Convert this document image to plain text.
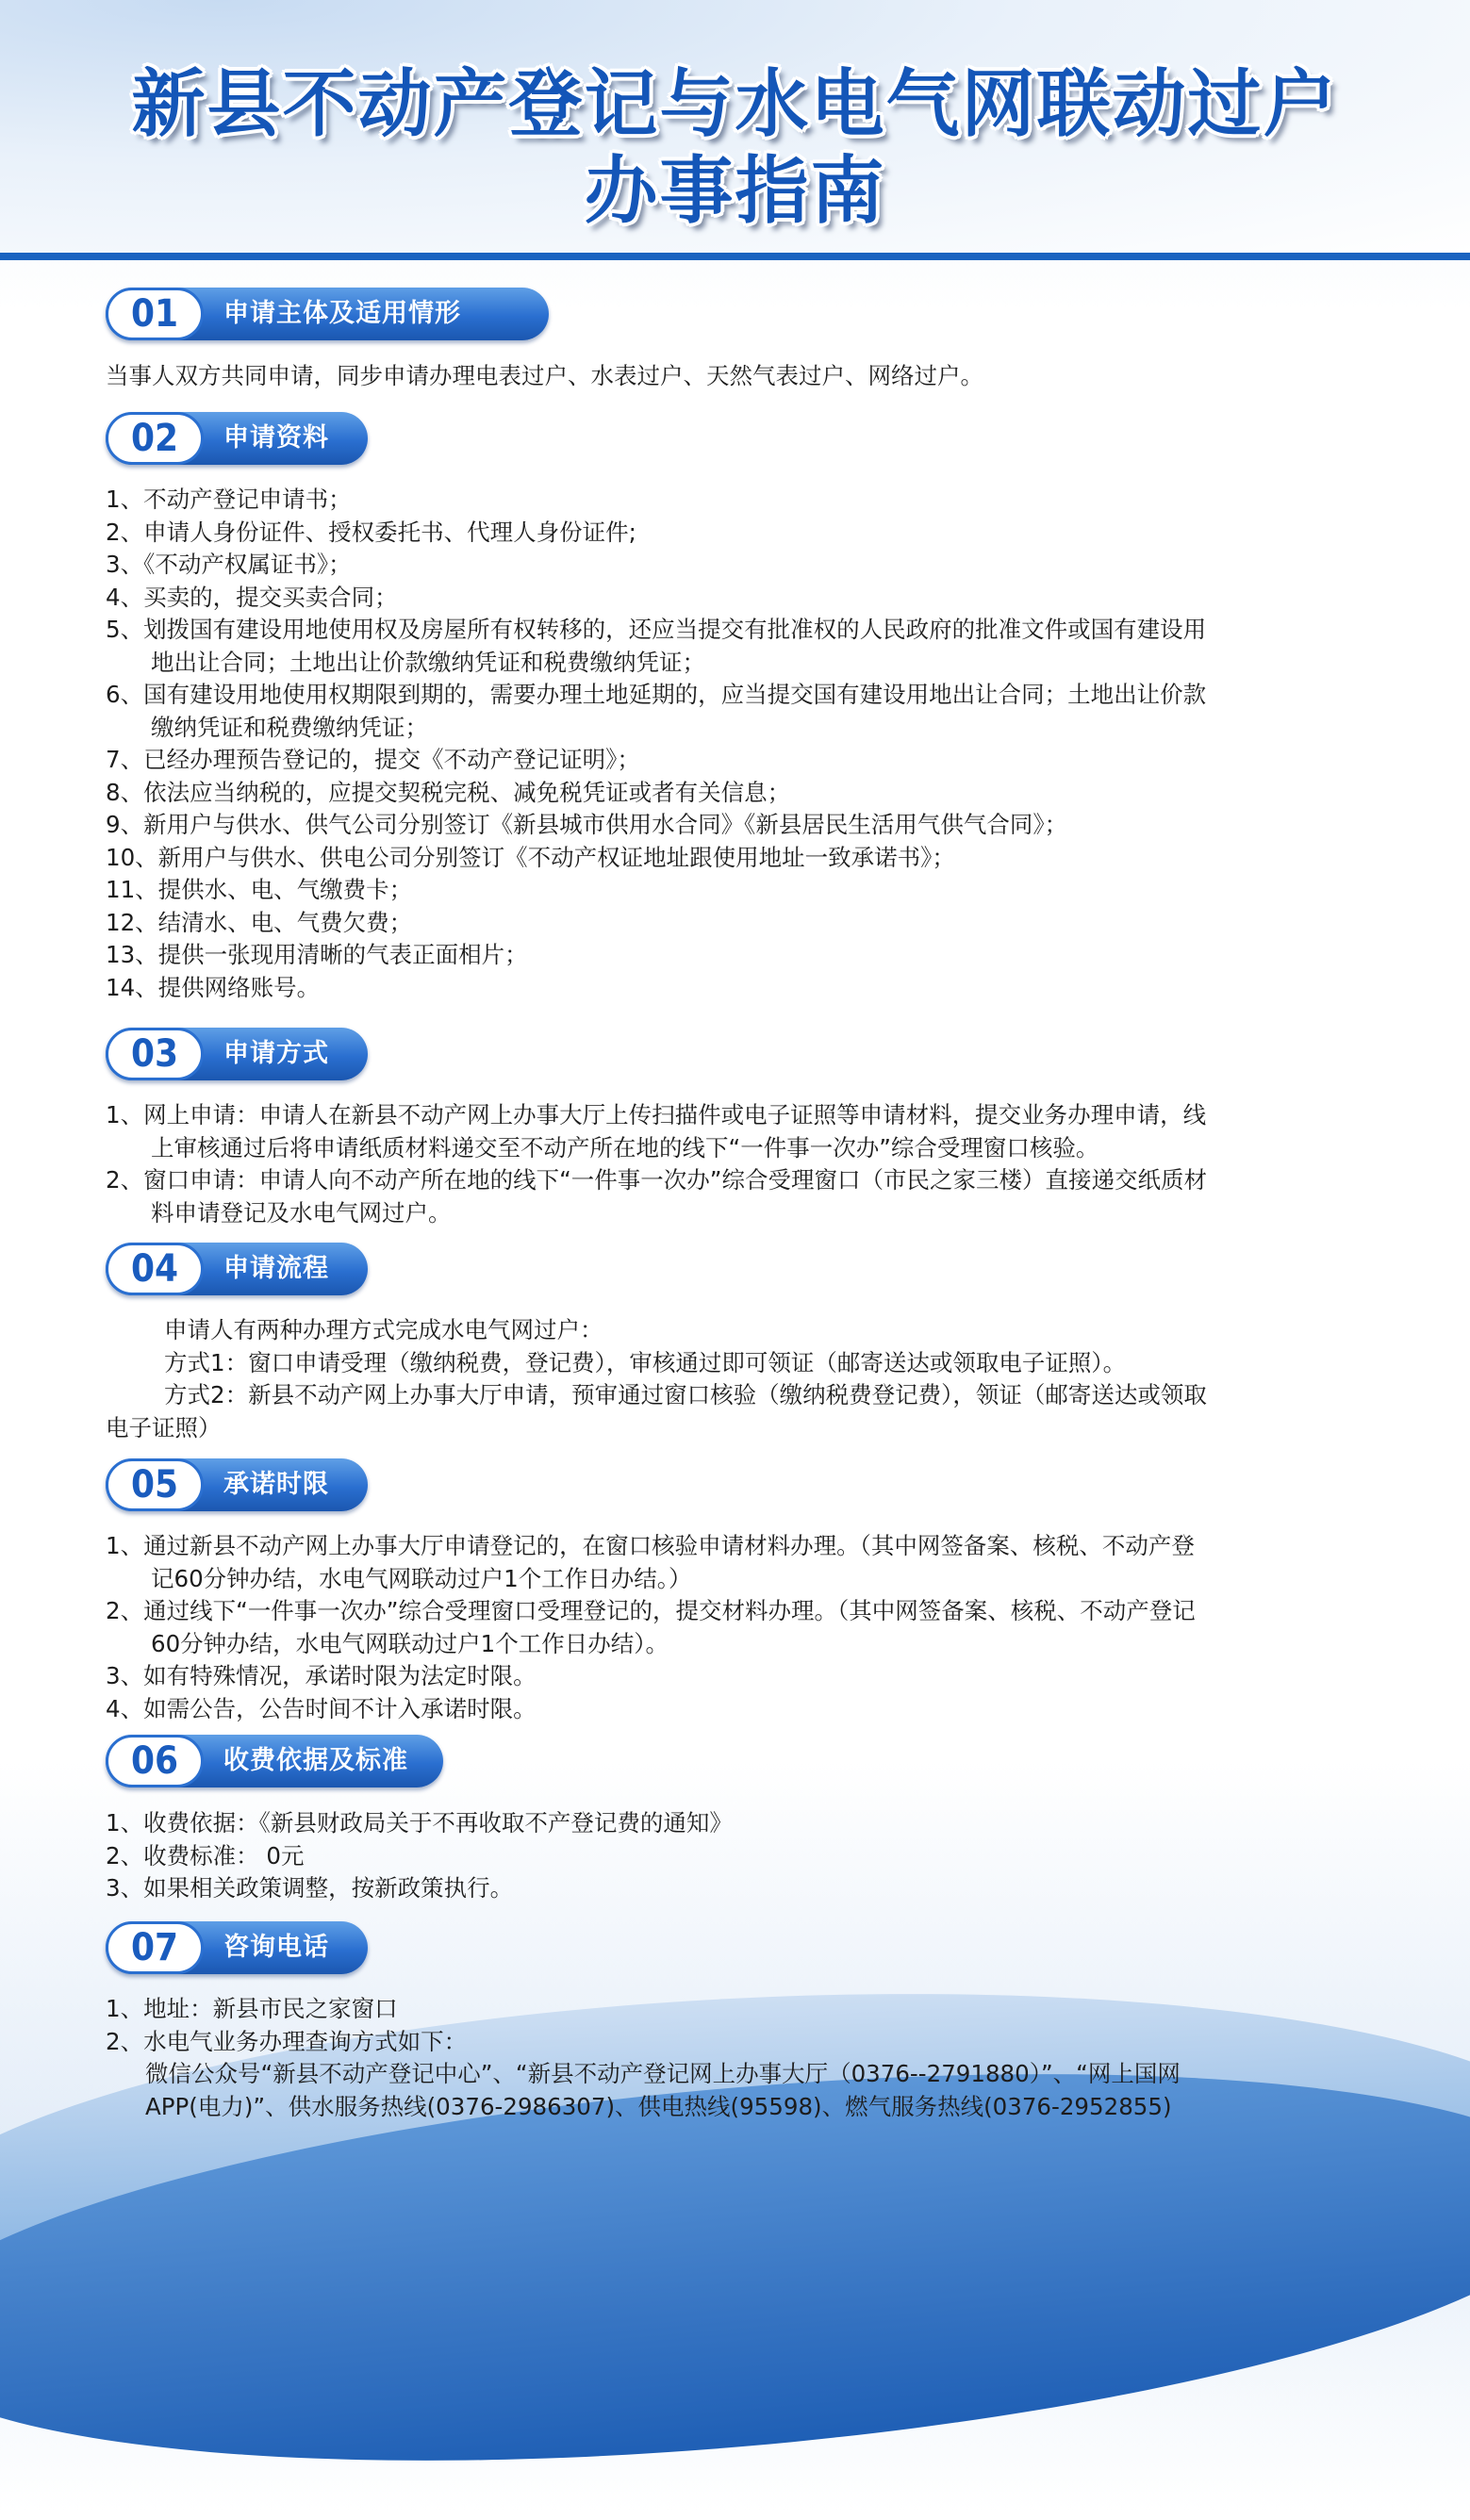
新县不动产登记与水电气网联动过户
办事指南
申请主体及适用情形
01
当事人双方共同申请，同步申请办理电表过户、水表过户、天然气表过户、网络过户。
申请资料
02
1、不动产登记申请书；
2、申请人身份证件、授权委托书、代理人身份证件;
3、《不动产权属证书》；
4、买卖的，提交买卖合同；
5、划拨国有建设用地使用权及房屋所有权转移的，还应当提交有批准权的人民政府的批准文件或国有建设用
地出让合同；土地出让价款缴纳凭证和税费缴纳凭证；
6、国有建设用地使用权期限到期的，需要办理土地延期的，应当提交国有建设用地出让合同；土地出让价款
缴纳凭证和税费缴纳凭证；
7、已经办理预告登记的，提交《不动产登记证明》；
8、依法应当纳税的，应提交契税完税、减免税凭证或者有关信息；
9、新用户与供水、供气公司分别签订《新县城市供用水合同》《新县居民生活用气供气合同》；
10、新用户与供水、供电公司分别签订《不动产权证地址跟使用地址一致承诺书》；
11、提供水、电、气缴费卡；
12、结清水、电、气费欠费；
13、提供一张现用清晰的气表正面相片；
14、提供网络账号。
申请方式
03
1、网上申请：申请人在新县不动产网上办事大厅上传扫描件或电子证照等申请材料，提交业务办理申请，线
上审核通过后将申请纸质材料递交至不动产所在地的线下“一件事一次办”综合受理窗口核验。
2、窗口申请：申请人向不动产所在地的线下“一件事一次办”综合受理窗口（市民之家三楼）直接递交纸质材
料申请登记及水电气网过户。
申请流程
04
申请人有两种办理方式完成水电气网过户：
方式1：窗口申请受理（缴纳税费，登记费），审核通过即可领证（邮寄送达或领取电子证照）。
方式2：新县不动产网上办事大厅申请，预审通过窗口核验（缴纳税费登记费），领证（邮寄送达或领取
电子证照）
承诺时限
05
1、通过新县不动产网上办事大厅申请登记的，在窗口核验申请材料办理。（其中网签备案、核税、不动产登
记60分钟办结，水电气网联动过户1个工作日办结。）
2、通过线下“一件事一次办”综合受理窗口受理登记的，提交材料办理。（其中网签备案、核税、不动产登记
60分钟办结，水电气网联动过户1个工作日办结）。
3、如有特殊情况，承诺时限为法定时限。
4、如需公告，公告时间不计入承诺时限。
收费依据及标准
06
1、收费依据：《新县财政局关于不再收取不产登记费的通知》
2、收费标准： 0元
3、如果相关政策调整，按新政策执行。
咨询电话
07
1、地址：新县市民之家窗口
2、水电气业务办理查询方式如下：
微信公众号“新县不动产登记中心”、“新县不动产登记网上办事大厅（0376--2791880）”、“网上国网
APP(电力)”、供水服务热线(0376-2986307)、供电热线(95598)、燃气服务热线(0376-2952855)
